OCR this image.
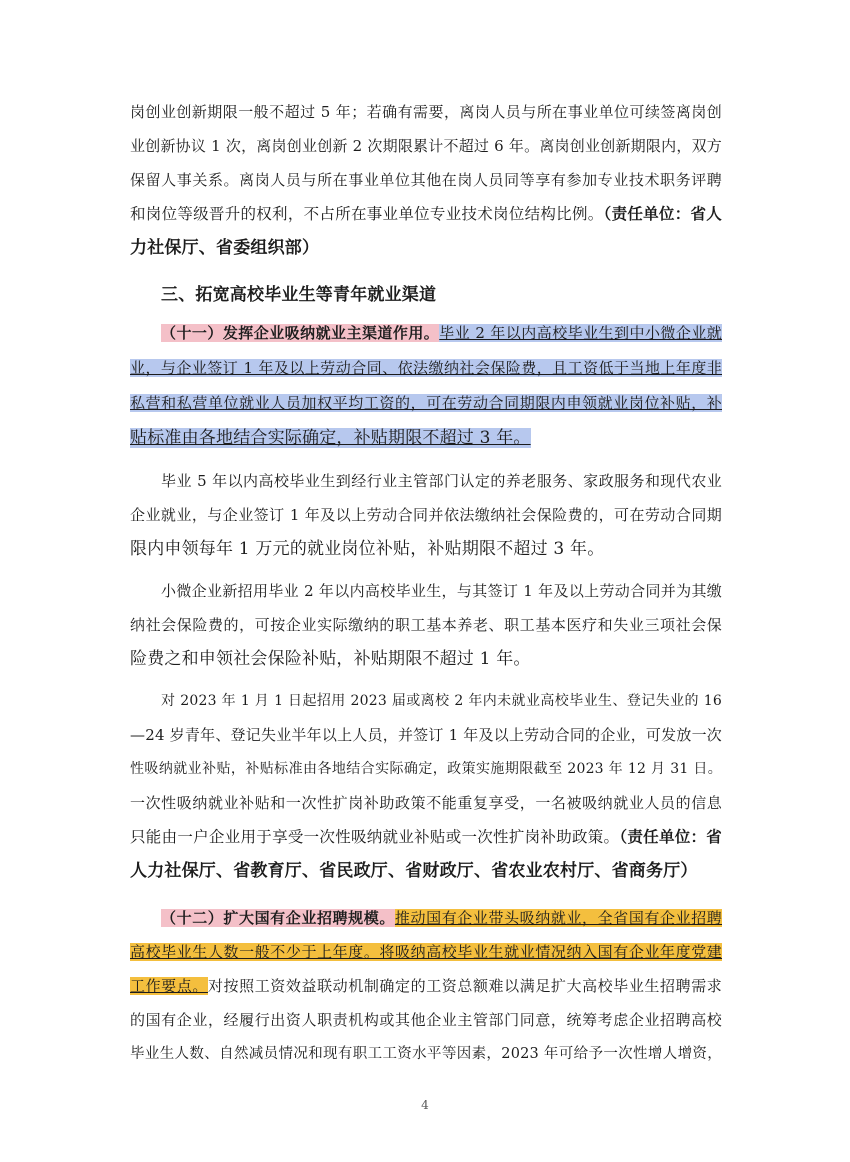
岗创业创新期限一般不超过 5 年；若确有需要，离岗人员与所在事业单位可续签离岗创
业创新协议 1 次，离岗创业创新 2 次期限累计不超过 6 年。离岗创业创新期限内，双方
保留人事关系。离岗人员与所在事业单位其他在岗人员同等享有参加专业技术职务评聘
和岗位等级晋升的权利，不占所在事业单位专业技术岗位结构比例。（责任单位：省人
力社保厅、省委组织部）
三、拓宽高校毕业生等青年就业渠道
（十一）发挥企业吸纳就业主渠道作用。毕业 2 年以内高校毕业生到中小微企业就
业，与企业签订 1 年及以上劳动合同、依法缴纳社会保险费，且工资低于当地上年度非
私营和私营单位就业人员加权平均工资的，可在劳动合同期限内申领就业岗位补贴，补
贴标准由各地结合实际确定，补贴期限不超过 3 年。
毕业 5 年以内高校毕业生到经行业主管部门认定的养老服务、家政服务和现代农业
企业就业，与企业签订 1 年及以上劳动合同并依法缴纳社会保险费的，可在劳动合同期
限内申领每年 1 万元的就业岗位补贴，补贴期限不超过 3 年。
小微企业新招用毕业 2 年以内高校毕业生，与其签订 1 年及以上劳动合同并为其缴
纳社会保险费的，可按企业实际缴纳的职工基本养老、职工基本医疗和失业三项社会保
险费之和申领社会保险补贴，补贴期限不超过 1 年。
对 2023 年 1 月 1 日起招用 2023 届或离校 2 年内未就业高校毕业生、登记失业的 16
—24 岁青年、登记失业半年以上人员，并签订 1 年及以上劳动合同的企业，可发放一次
性吸纳就业补贴，补贴标准由各地结合实际确定，政策实施期限截至 2023 年 12 月 31 日。
一次性吸纳就业补贴和一次性扩岗补助政策不能重复享受，一名被吸纳就业人员的信息
只能由一户企业用于享受一次性吸纳就业补贴或一次性扩岗补助政策。（责任单位：省
人力社保厅、省教育厅、省民政厅、省财政厅、省农业农村厅、省商务厅）
（十二）扩大国有企业招聘规模。推动国有企业带头吸纳就业，全省国有企业招聘
高校毕业生人数一般不少于上年度。将吸纳高校毕业生就业情况纳入国有企业年度党建
工作要点。对按照工资效益联动机制确定的工资总额难以满足扩大高校毕业生招聘需求
的国有企业，经履行出资人职责机构或其他企业主管部门同意，统筹考虑企业招聘高校
毕业生人数、自然减员情况和现有职工工资水平等因素，2023 年可给予一次性增人增资，
4
